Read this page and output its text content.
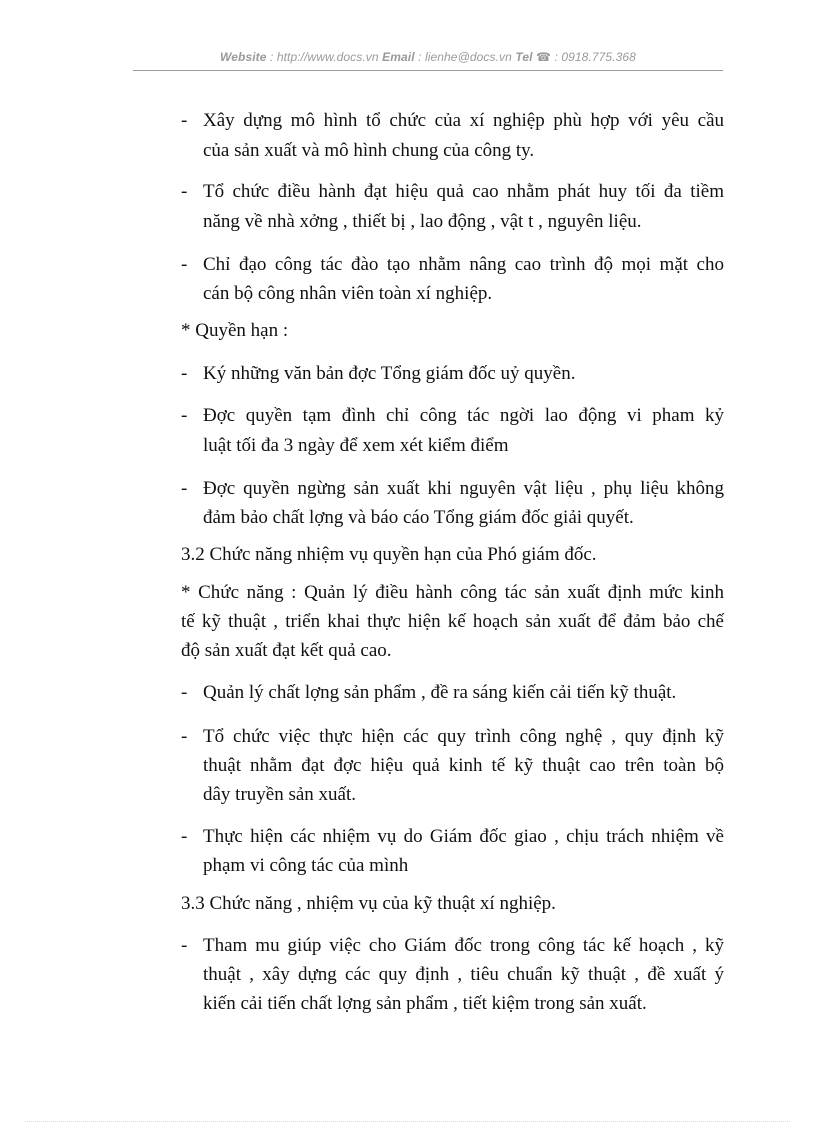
Website : http://www.docs.vn Email : lienhe@docs.vn Tel ☎ : 0918.775.368
- Xây dựng mô hình tổ chức của xí nghiệp phù hợp với yêu cầu
của sản xuất và mô hình chung của công ty.
- Tổ chức điều hành đạt hiệu quả cao nhằm phát huy tối đa tiềm
năng về nhà xởng , thiết bị , lao động , vật t , nguyên liệu.
- Chỉ đạo công tác đào tạo nhằm nâng cao trình độ mọi mặt cho
cán bộ công nhân viên toàn xí nghiệp.
* Quyền hạn :
- Ký những văn bản đợc Tổng giám đốc uỷ quyền.
- Đợc quyền tạm đình chỉ công tác ngời lao động vi pham kỷ
luật tối đa 3 ngày để xem xét kiểm điểm
- Đợc quyền ngừng sản xuất khi nguyên vật liệu , phụ liệu không
đảm bảo chất lợng và báo cáo Tổng giám đốc giải quyết.
3.2 Chức năng nhiệm vụ quyền hạn của Phó giám đốc.
* Chức năng : Quản lý điều hành công tác sản xuất định mức kinh
tế kỹ thuật , triển khai thực hiện kế hoạch sản xuất để đảm bảo chế
độ sản xuất đạt kết quả cao.
- Quản lý chất lợng sản phẩm , đề ra sáng kiến cải tiến kỹ thuật.
- Tổ chức việc thực hiện các quy trình công nghệ , quy định kỹ
thuật nhằm đạt đợc hiệu quả kinh tế kỹ thuật cao trên toàn bộ
dây truyền sản xuất.
- Thực hiện các nhiệm vụ do Giám đốc giao , chịu trách nhiệm về
phạm vi công tác của mình
3.3 Chức năng , nhiệm vụ của kỹ thuật xí nghiệp.
- Tham mu giúp việc cho Giám đốc trong công tác kế hoạch , kỹ
thuật , xây dựng các quy định , tiêu chuẩn kỹ thuật , đề xuất ý
kiến cải tiến chất lợng sản phẩm , tiết kiệm trong sản xuất.
